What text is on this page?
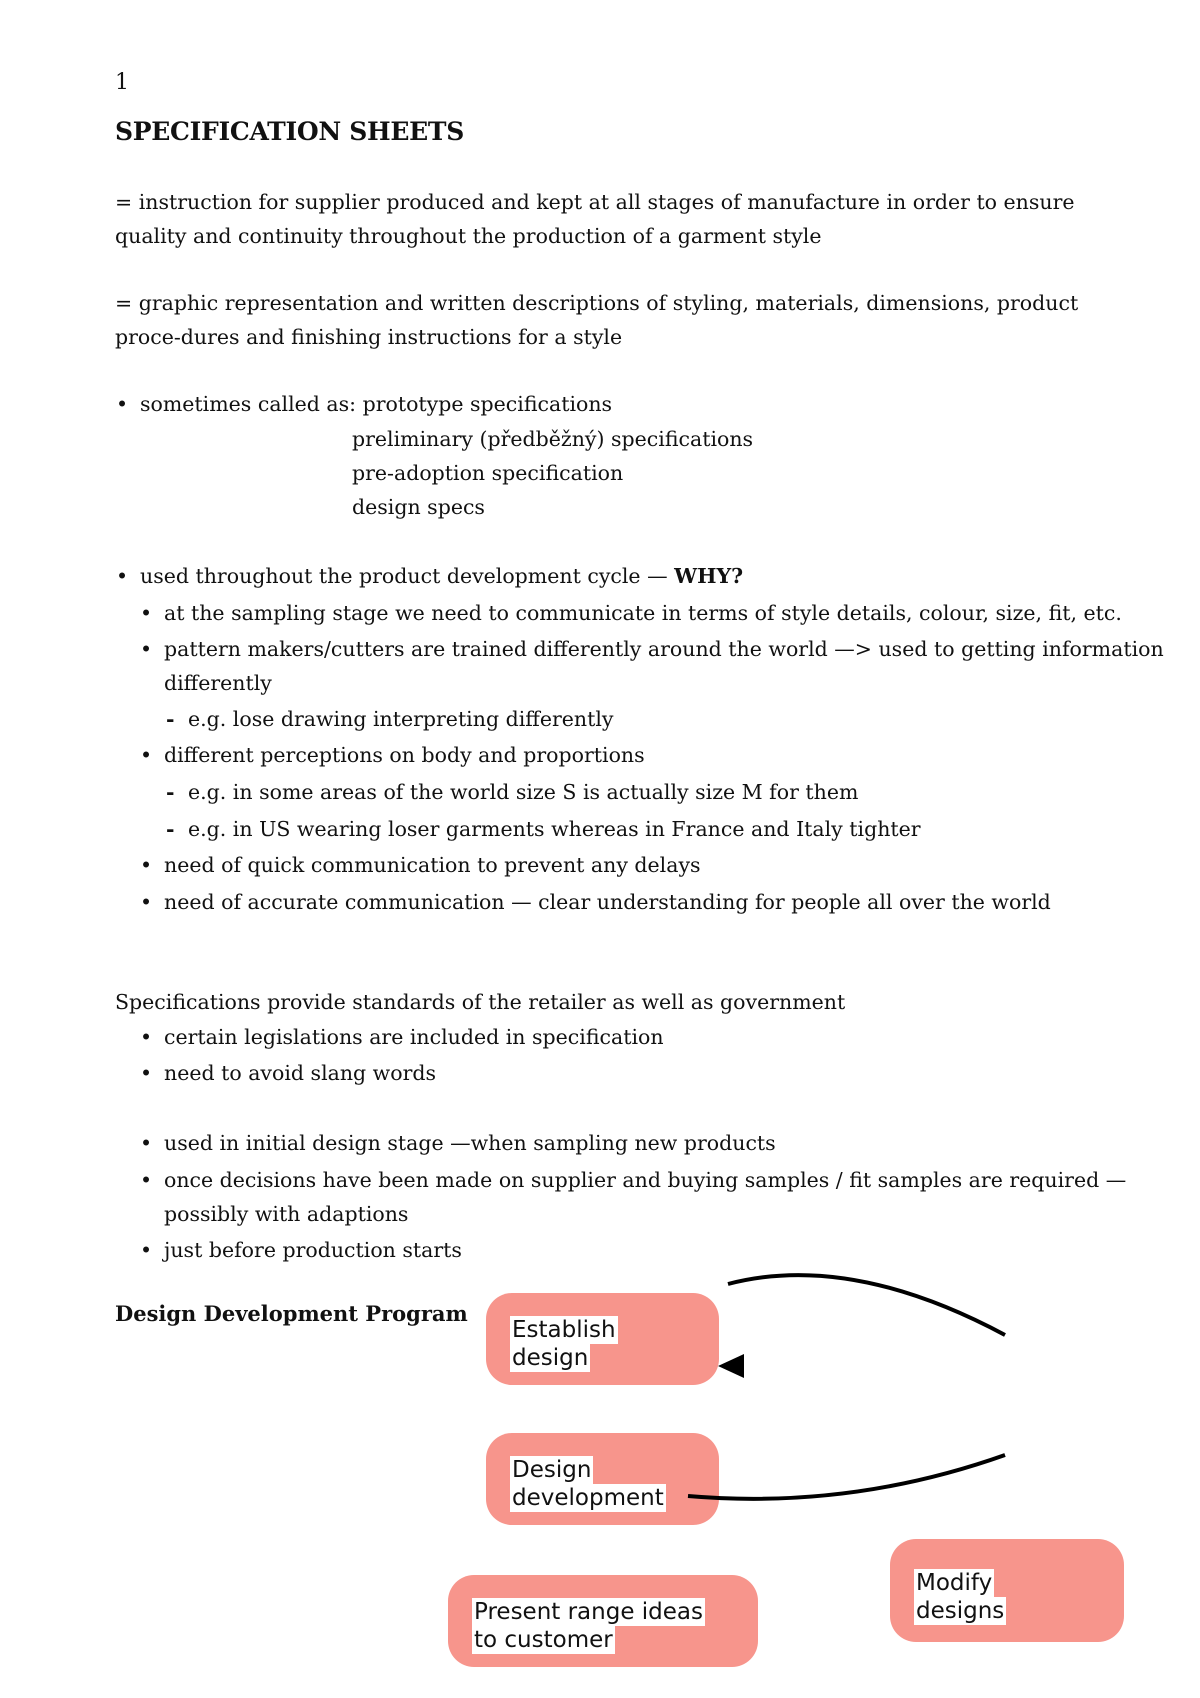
1
SPECIFICATION SHEETS

= instruction for supplier produced and kept at all stages of manufacture in order to ensure quality and continuity throughout the production of a garment style

= graphic representation and written descriptions of styling, materials, dimensions, product proce-dures and finishing instructions for a style

• sometimes called as: prototype specifications
preliminary (předběžný) specifications
pre-adoption specification
design specs
• used throughout the product development cycle — WHY?
• at the sampling stage we need to communicate in terms of style details, colour, size, fit, etc.
• pattern makers/cutters are trained differently around the world —> used to getting information
differently
- e.g. lose drawing interpreting differently
• different perceptions on body and proportions
- e.g. in some areas of the world size S is actually size M for them
- e.g. in US wearing loser garments whereas in France and Italy tighter
• need of quick communication to prevent any delays
• need of accurate communication — clear understanding for people all over the world
Specifications provide standards of the retailer as well as government
• certain legislations are included in specification
• need to avoid slang words
• used in initial design stage —when sampling new products
• once decisions have been made on supplier and buying samples / fit samples are required —
possibly with adaptions
• just before production starts
Design Development Program
Establish
design
Design
development
Present range ideas
to customer
Modify
designs
